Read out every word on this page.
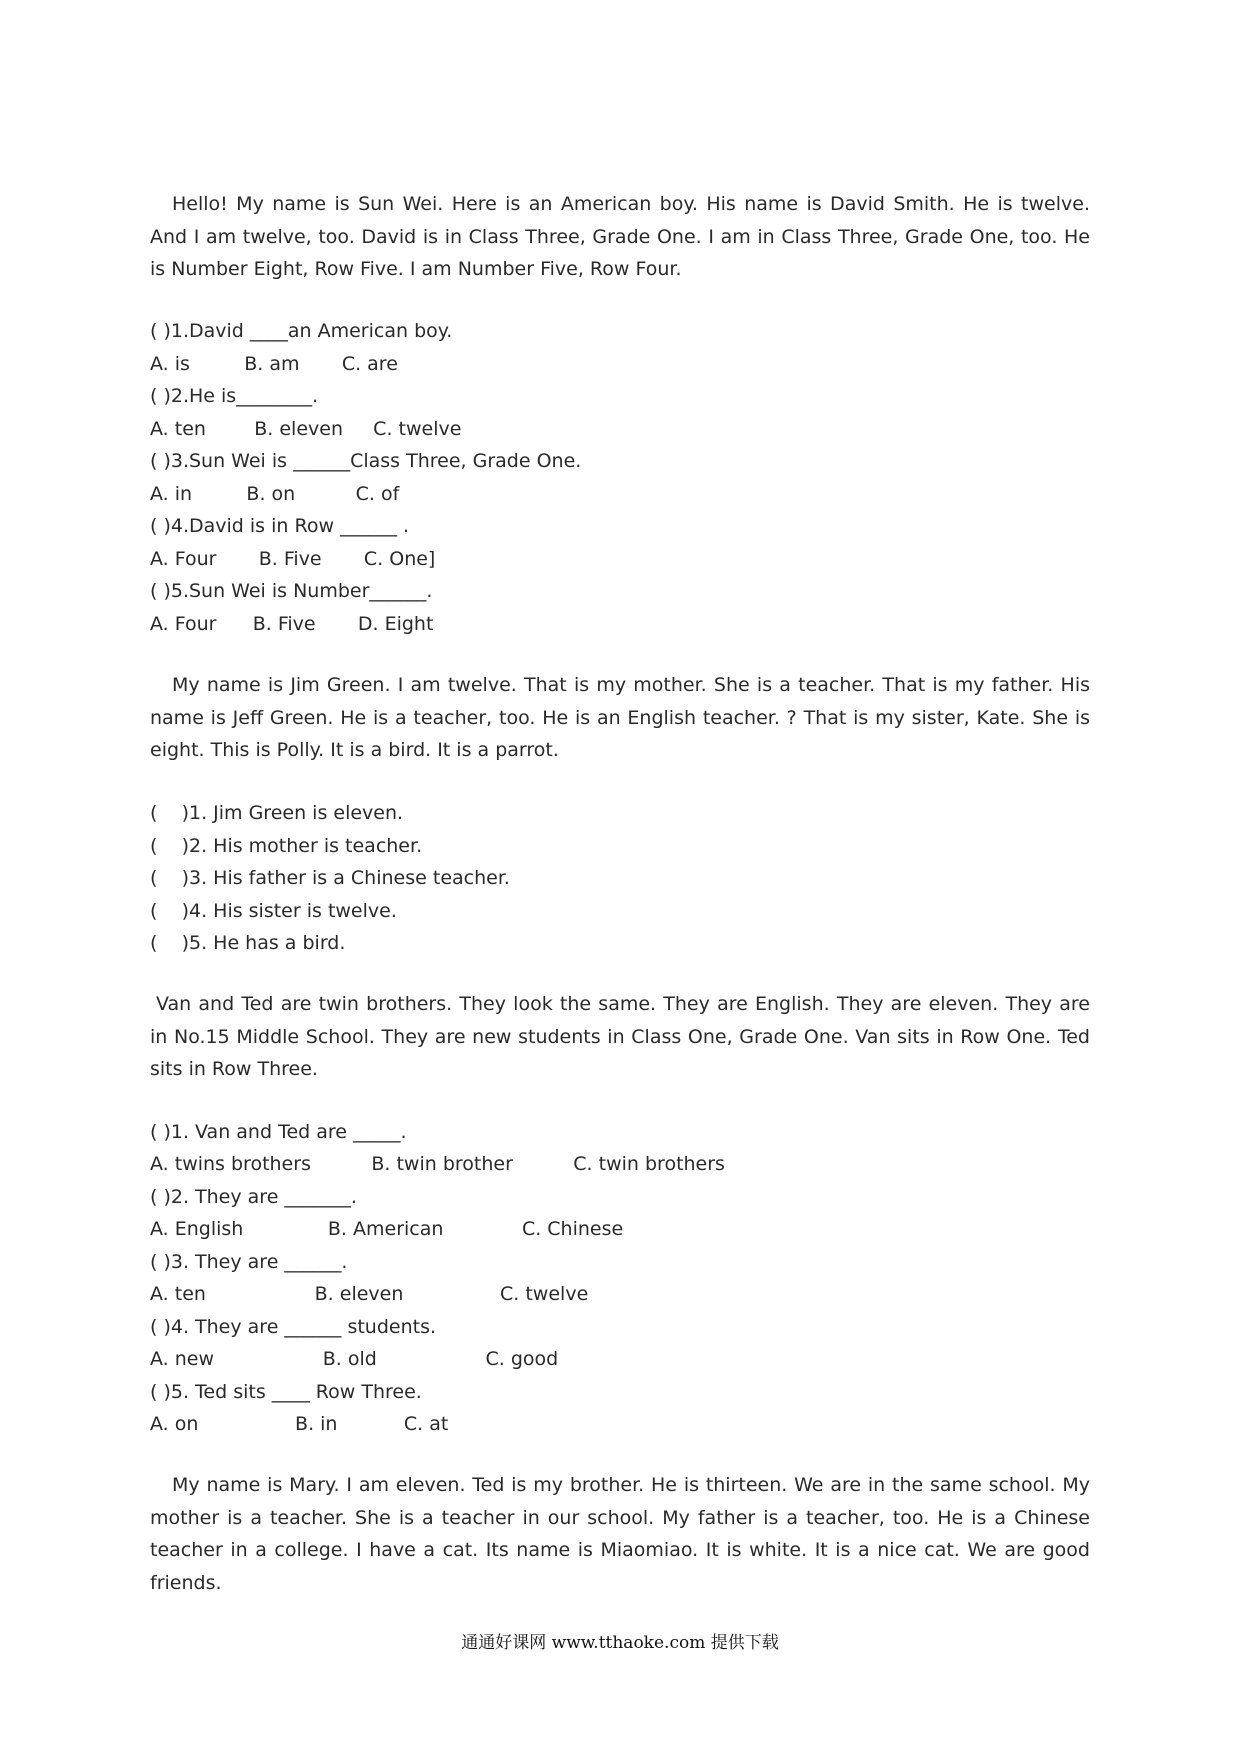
Hello! My name is Sun Wei. Here is an American boy. His name is David Smith. He is twelve. And I am twelve, too. David is in Class Three, Grade One. I am in Class Three, Grade One, too. He is Number Eight, Row Five. I am Number Five, Row Four.

( )1.David ____an American boy.

A. is         B. am       C. are

( )2.He is________.

A. ten        B. eleven     C. twelve

( )3.Sun Wei is ______Class Three, Grade One.

A. in         B. on          C. of

( )4.David is in Row ______ .

A. Four       B. Five       C. One]

( )5.Sun Wei is Number______.

A. Four      B. Five       D. Eight

My name is Jim Green. I am twelve. That is my mother. She is a teacher. That is my father. His name is Jeff Green. He is a teacher, too. He is an English teacher. ? That is my sister, Kate. She is eight. This is Polly. It is a bird. It is a parrot.

(    )1. Jim Green is eleven.

(    )2. His mother is teacher.

(    )3. His father is a Chinese teacher.

(    )4. His sister is twelve.

(    )5. He has a bird.

Van and Ted are twin brothers. They look the same. They are English. They are eleven. They are in No.15 Middle School. They are new students in Class One, Grade One. Van sits in Row One. Ted sits in Row Three.

( )1. Van and Ted are _____.

A. twins brothers          B. twin brother          C. twin brothers

( )2. They are _______.

A. English              B. American             C. Chinese

( )3. They are ______.

A. ten                  B. eleven                C. twelve

( )4. They are ______ students.

A. new                  B. old                  C. good

( )5. Ted sits ____ Row Three.

A. on                B. in           C. at

My name is Mary. I am eleven. Ted is my brother. He is thirteen. We are in the same school. My mother is a teacher. She is a teacher in our school. My father is a teacher, too. He is a Chinese teacher in a college. I have a cat. Its name is Miaomiao. It is white. It is a nice cat. We are good friends.

通通好课网 www.tthaoke.com 提供下载
